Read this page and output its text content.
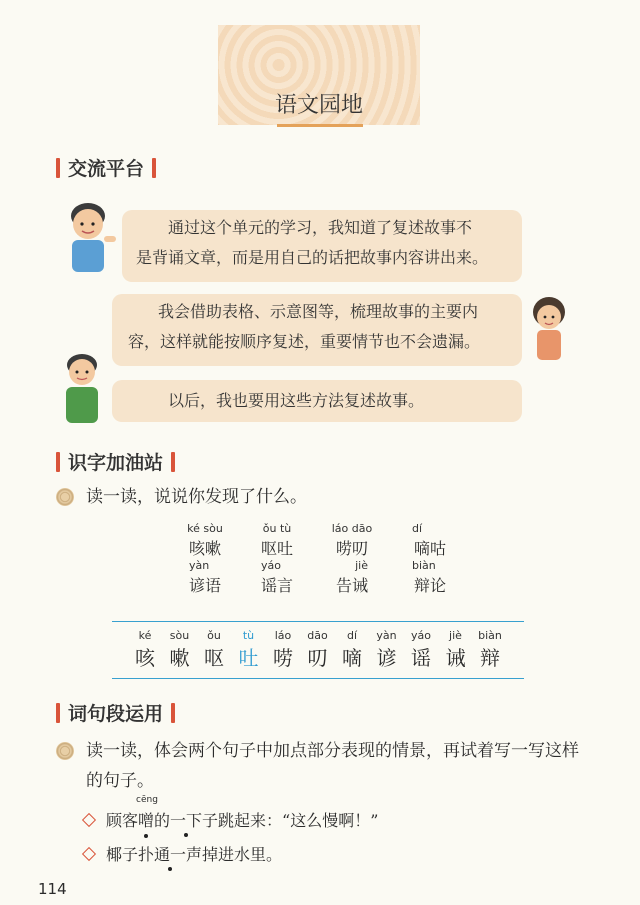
语文园地
交流平台
通过这个单元的学习，我知道了复述故事不
是背诵文章，而是用自己的话把故事内容讲出来。
我会借助表格、示意图等，梳理故事的主要内
容，这样就能按顺序复述，重要情节也不会遗漏。
以后，我也要用这些方法复述故事。
识字加油站
读一读，说说你发现了什么。
ké sòu
咳嗽
ǒu tù
呕吐
láo dāo
唠叨
dí
嘀咕
yàn
谚语
yáo
谣言
jiè
告诫
biàn
辩论
ké
咳
sòu
嗽
ǒu
呕
tù
吐
láo
唠
dāo
叨
dí
嘀
yàn
谚
yáo
谣
jiè
诫
biàn
辩
词句段运用
读一读，体会两个句子中加点部分表现的情景，再试着写一写这样的句子。
顾客
cēng
噌的一下子跳起来：“这么慢啊！”
椰子扑通一声掉进水里。
114
